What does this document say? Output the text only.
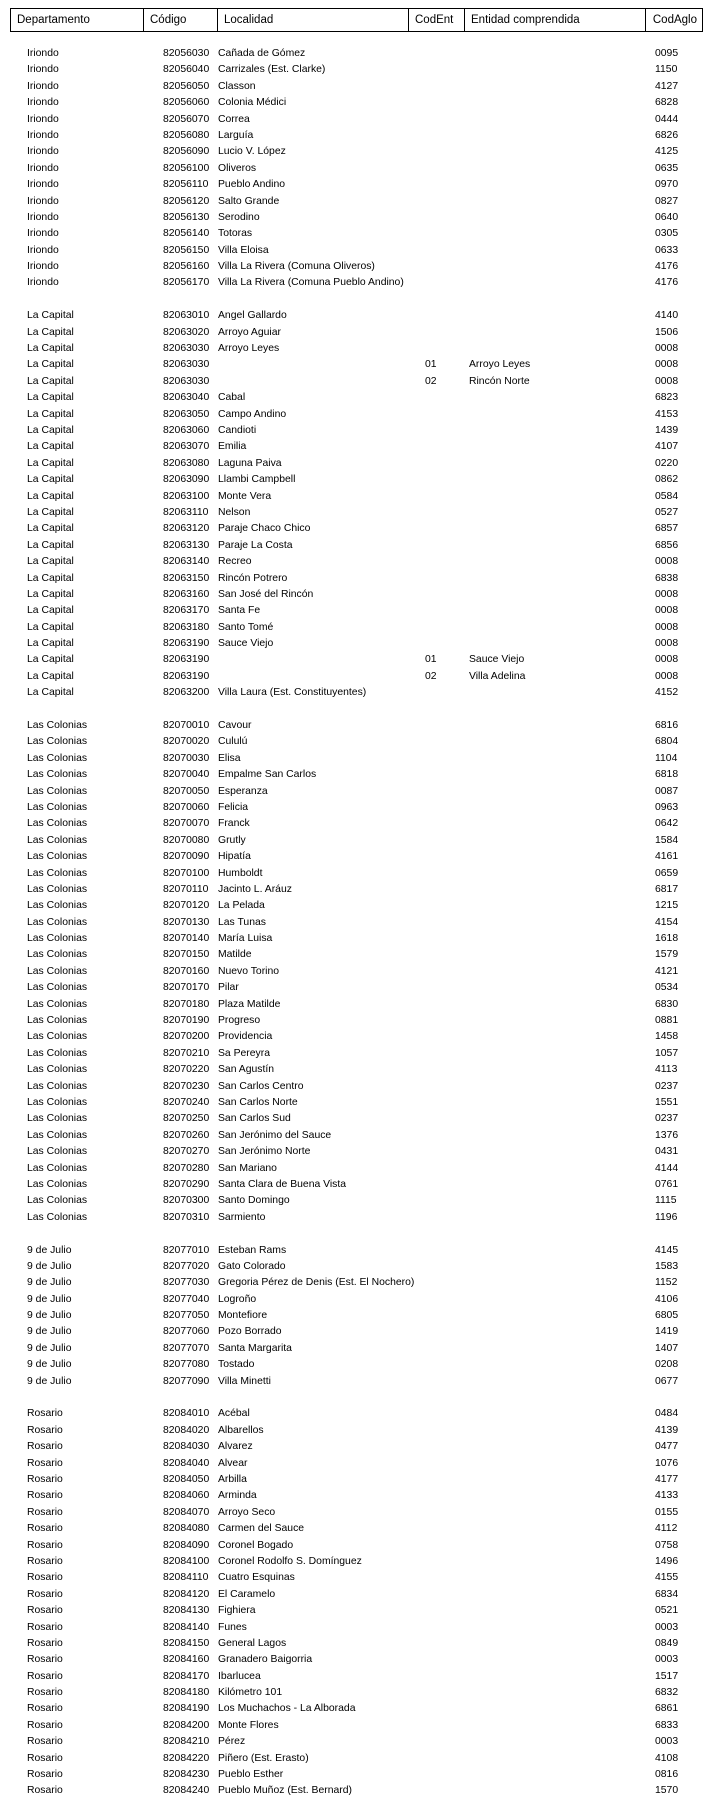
Departamento	Código	Localidad	CodEnt	Entidad comprendida	CodAglo
Iriondo	82056030 Cañada de Gómez	0095
Iriondo	82056040 Carrizales (Est. Clarke)	1150
Iriondo	82056050 Classon	4127
Iriondo	82056060 Colonia Médici	6828
Iriondo	82056070 Correa	0444
Iriondo	82056080 Larguía	6826
Iriondo	82056090 Lucio V. López	4125
Iriondo	82056100 Oliveros	0635
Iriondo	82056110 Pueblo Andino	0970
Iriondo	82056120 Salto Grande	0827
Iriondo	82056130 Serodino	0640
Iriondo	82056140 Totoras	0305
Iriondo	82056150 Villa Eloisa	0633
Iriondo	82056160 Villa La Rivera (Comuna Oliveros)	4176
Iriondo	82056170 Villa La Rivera (Comuna Pueblo Andino)	4176
La Capital	82063010 Angel Gallardo	4140
La Capital	82063020 Arroyo Aguiar	1506
La Capital	82063030 Arroyo Leyes	0008
La Capital	82063030	01	Arroyo Leyes	0008
La Capital	82063030	02	Rincón Norte	0008
La Capital	82063040 Cabal	6823
La Capital	82063050 Campo Andino	4153
La Capital	82063060 Candioti	1439
La Capital	82063070 Emilia	4107
La Capital	82063080 Laguna Paiva	0220
La Capital	82063090 Llambi Campbell	0862
La Capital	82063100 Monte Vera	0584
La Capital	82063110 Nelson	0527
La Capital	82063120 Paraje Chaco Chico	6857
La Capital	82063130 Paraje La Costa	6856
La Capital	82063140 Recreo	0008
La Capital	82063150 Rincón Potrero	6838
La Capital	82063160 San José del Rincón	0008
La Capital	82063170 Santa Fe	0008
La Capital	82063180 Santo Tomé	0008
La Capital	82063190 Sauce Viejo	0008
La Capital	82063190	01	Sauce Viejo	0008
La Capital	82063190	02	Villa Adelina	0008
La Capital	82063200 Villa Laura (Est. Constituyentes)	4152
Las Colonias	82070010 Cavour	6816
Las Colonias	82070020 Cululú	6804
Las Colonias	82070030 Elisa	1104
Las Colonias	82070040 Empalme San Carlos	6818
Las Colonias	82070050 Esperanza	0087
Las Colonias	82070060 Felicia	0963
Las Colonias	82070070 Franck	0642
Las Colonias	82070080 Grutly	1584
Las Colonias	82070090 Hipatía	4161
Las Colonias	82070100 Humboldt	0659
Las Colonias	82070110 Jacinto L. Aráuz	6817
Las Colonias	82070120 La Pelada	1215
Las Colonias	82070130 Las Tunas	4154
Las Colonias	82070140 María Luisa	1618
Las Colonias	82070150 Matilde	1579
Las Colonias	82070160 Nuevo Torino	4121
Las Colonias	82070170 Pilar	0534
Las Colonias	82070180 Plaza Matilde	6830
Las Colonias	82070190 Progreso	0881
Las Colonias	82070200 Providencia	1458
Las Colonias	82070210 Sa Pereyra	1057
Las Colonias	82070220 San Agustín	4113
Las Colonias	82070230 San Carlos Centro	0237
Las Colonias	82070240 San Carlos Norte	1551
Las Colonias	82070250 San Carlos Sud	0237
Las Colonias	82070260 San Jerónimo del Sauce	1376
Las Colonias	82070270 San Jerónimo Norte	0431
Las Colonias	82070280 San Mariano	4144
Las Colonias	82070290 Santa Clara de Buena Vista	0761
Las Colonias	82070300 Santo Domingo	1115
Las Colonias	82070310 Sarmiento	1196
9 de Julio	82077010 Esteban Rams	4145
9 de Julio	82077020 Gato Colorado	1583
9 de Julio	82077030 Gregoria Pérez de Denis (Est. El Nochero)	1152
9 de Julio	82077040 Logroño	4106
9 de Julio	82077050 Montefiore	6805
9 de Julio	82077060 Pozo Borrado	1419
9 de Julio	82077070 Santa Margarita	1407
9 de Julio	82077080 Tostado	0208
9 de Julio	82077090 Villa Minetti	0677
Rosario	82084010 Acébal	0484
Rosario	82084020 Albarellos	4139
Rosario	82084030 Alvarez	0477
Rosario	82084040 Alvear	1076
Rosario	82084050 Arbilla	4177
Rosario	82084060 Arminda	4133
Rosario	82084070 Arroyo Seco	0155
Rosario	82084080 Carmen del Sauce	4112
Rosario	82084090 Coronel Bogado	0758
Rosario	82084100 Coronel Rodolfo S. Domínguez	1496
Rosario	82084110 Cuatro Esquinas	4155
Rosario	82084120 El Caramelo	6834
Rosario	82084130 Fighiera	0521
Rosario	82084140 Funes	0003
Rosario	82084150 General Lagos	0849
Rosario	82084160 Granadero Baigorria	0003
Rosario	82084170 Ibarlucea	1517
Rosario	82084180 Kilómetro 101	6832
Rosario	82084190 Los Muchachos - La Alborada	6861
Rosario	82084200 Monte Flores	6833
Rosario	82084210 Pérez	0003
Rosario	82084220 Piñero (Est. Erasto)	4108
Rosario	82084230 Pueblo Esther	0816
Rosario	82084240 Pueblo Muñoz (Est. Bernard)	1570
